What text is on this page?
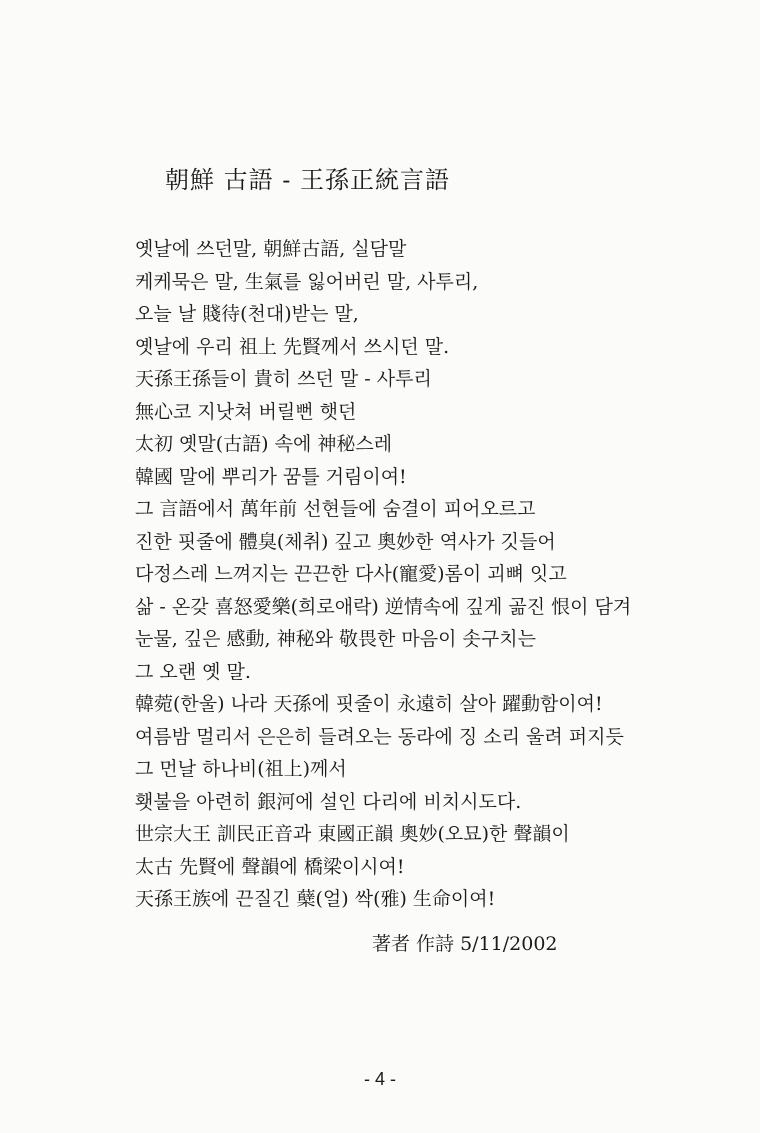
朝鮮 古語 - 王孫正統言語
옛날에 쓰던말, 朝鮮古語, 실담말
케케묵은 말, 生氣를 잃어버린 말, 사투리,
오늘 날 賤待(천대)받는 말,
옛날에 우리 祖上 先賢께서 쓰시던 말.
天孫王孫들이 貴히 쓰던 말 - 사투리
無心코 지낫쳐 버릴뻔 햇던
太初 옛말(古語) 속에 神秘스레
韓國 말에 뿌리가 꿈틀 거림이여!
그 言語에서 萬年前 선현들에 숨결이 피어오르고
진한 핏줄에 體臭(체취) 깊고 奧妙한 역사가 깃들어
다정스레 느껴지는 끈끈한 다사(寵愛)롬이 괴뼈 잇고
삶 - 온갖 喜怒愛樂(희로애락) 逆情속에 깊게 곪진 恨이 담겨
눈물, 깊은 感動, 神秘와 敬畏한 마음이 솟구치는
그 오랜 옛 말.
韓菀(한울) 나라 天孫에 핏줄이 永遠히 살아 躍動함이여!
여름밤 멀리서 은은히 들려오는 동라에 징 소리 울려 퍼지듯
그 먼날 하나비(祖上)께서
횃불을 아련히 銀河에 설인 다리에 비치시도다.
世宗大王 訓民正音과 東國正韻 奧妙(오묘)한 聲韻이
太古 先賢에 聲韻에 橋梁이시여!
天孫王族에 끈질긴 蘖(얼) 싹(雅) 生命이여!
著者 作詩 5/11/2002
- 4 -
